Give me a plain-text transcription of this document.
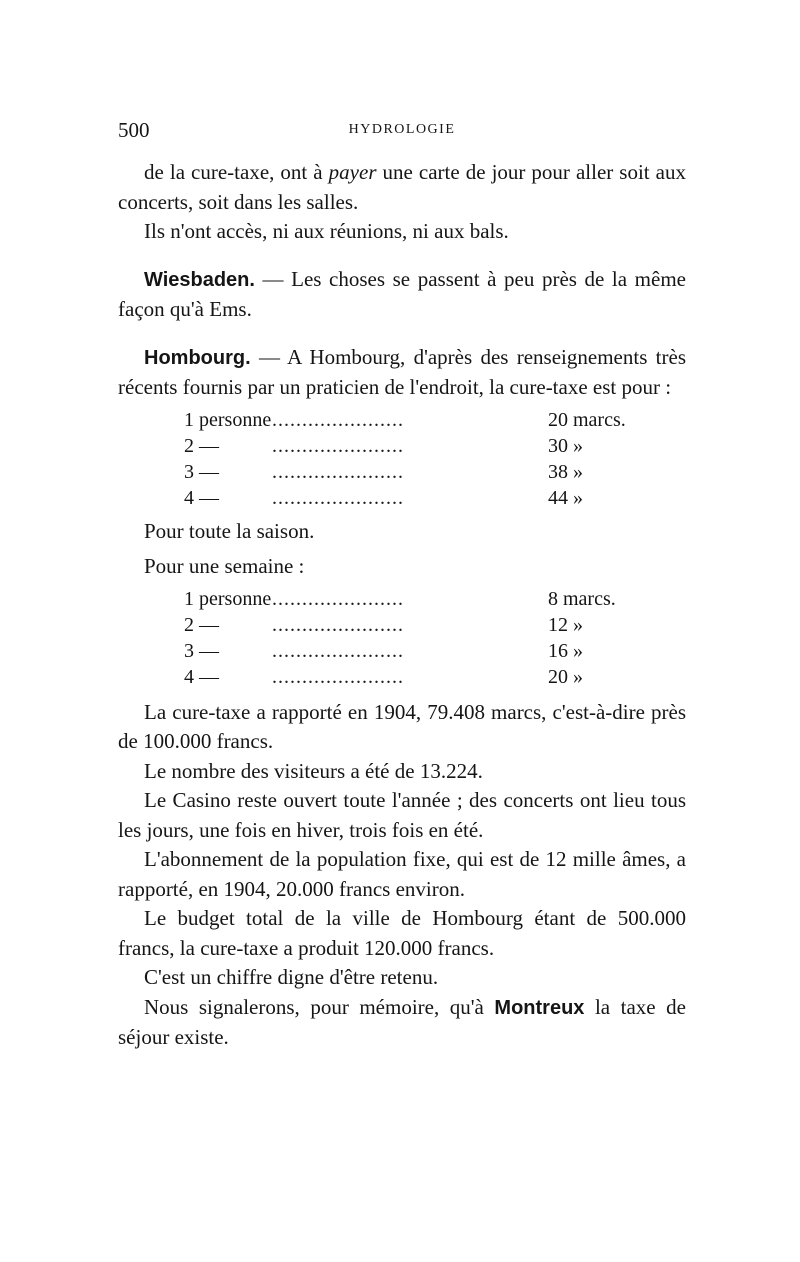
500	HYDROLOGIE

de la cure-taxe, ont à payer une carte de jour pour aller soit aux concerts, soit dans les salles.

Ils n'ont accès, ni aux réunions, ni aux bals.

Wiesbaden. — Les choses se passent à peu près de la même façon qu'à Ems.

Hombourg. — A Hombourg, d'après des renseignements très récents fournis par un praticien de l'endroit, la cure-taxe est pour :

1 personne	......................	20 marcs.
2 —	......................	30 »
3 —	......................	38 »
4 —	......................	44 »

Pour toute la saison.

Pour une semaine :

1 personne	......................	8 marcs.
2 —	......................	12 »
3 —	......................	16 »
4 —	......................	20 »

La cure-taxe a rapporté en 1904, 79.408 marcs, c'est-à-dire près de 100.000 francs.

Le nombre des visiteurs a été de 13.224.

Le Casino reste ouvert toute l'année ; des concerts ont lieu tous les jours, une fois en hiver, trois fois en été.

L'abonnement de la population fixe, qui est de 12 mille âmes, a rapporté, en 1904, 20.000 francs environ.

Le budget total de la ville de Hombourg étant de 500.000 francs, la cure-taxe a produit 120.000 francs.

C'est un chiffre digne d'être retenu.

Nous signalerons, pour mémoire, qu'à Montreux la taxe de séjour existe.
